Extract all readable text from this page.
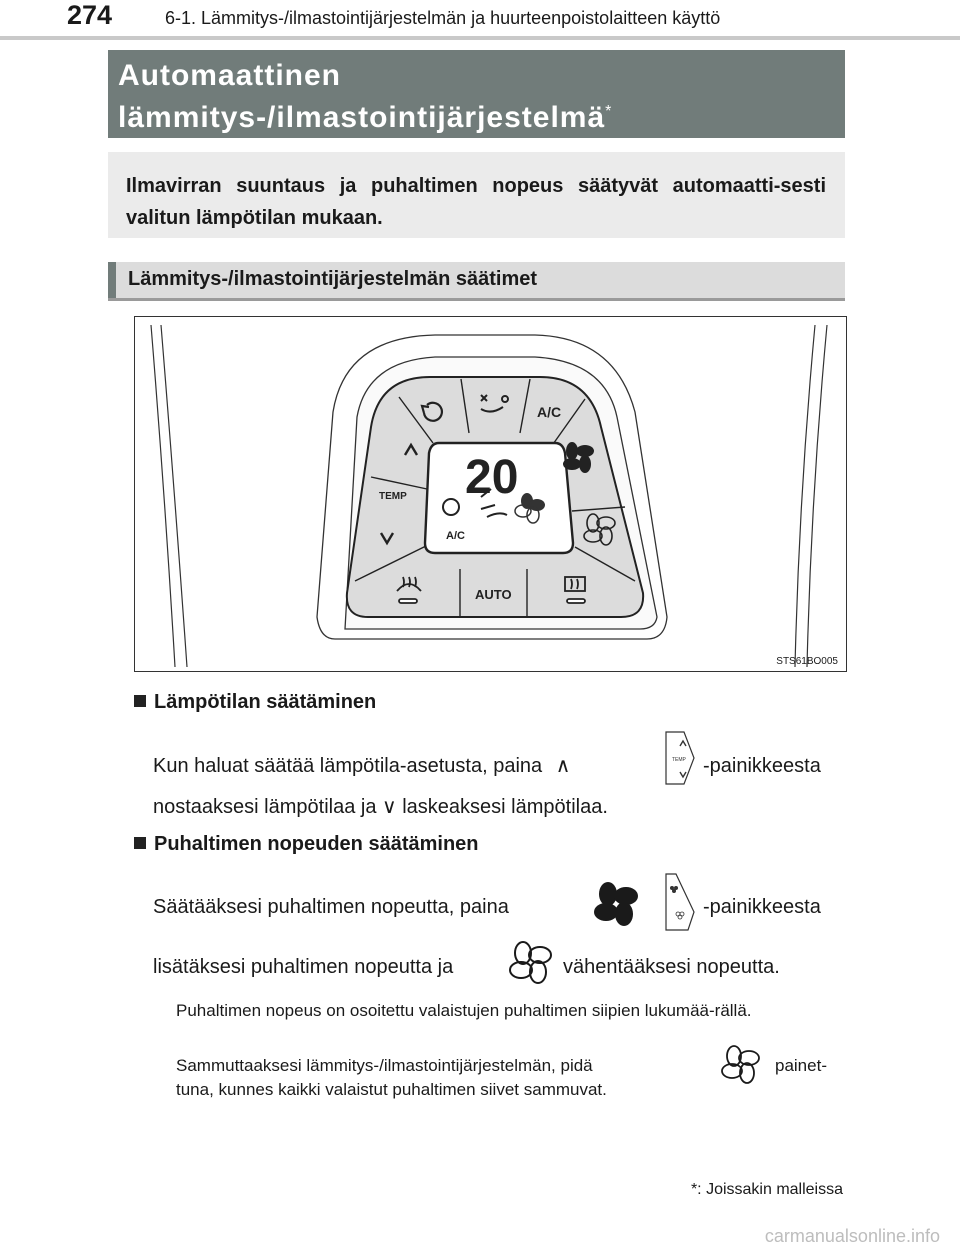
274	6-1. Lämmitys-/ilmastointijärjestelmän ja huurteenpoistolaitteen käyttö
Automaattinen
lämmitys-/ilmastointijärjestelmä*

Ilmavirran suuntaus ja puhaltimen nopeus säätyvät automaatti-sesti valitun lämpötilan mukaan.

Lämmitys-/ilmastointijärjestelmän säätimet
20
A/C
A/C
TEMP
AUTO
STS61BO005
Lämpötilan säätäminen
Kun haluat säätää lämpötila-asetusta, paina ∧	TEMP -painikkeesta
nostaaksesi lämpötilaa ja ∨ laskeaksesi lämpötilaa.
Puhaltimen nopeuden säätäminen
Säätääksesi puhaltimen nopeutta, paina	-painikkeesta
lisätäksesi puhaltimen nopeutta ja	vähentääksesi nopeutta.
Puhaltimen nopeus on osoitettu valaistujen puhaltimen siipien lukumää-rällä.
Sammuttaaksesi lämmitys-/ilmastointijärjestelmän, pidä	painet-
tuna, kunnes kaikki valaistut puhaltimen siivet sammuvat.
*: Joissakin malleissa
carmanualsonline.info
